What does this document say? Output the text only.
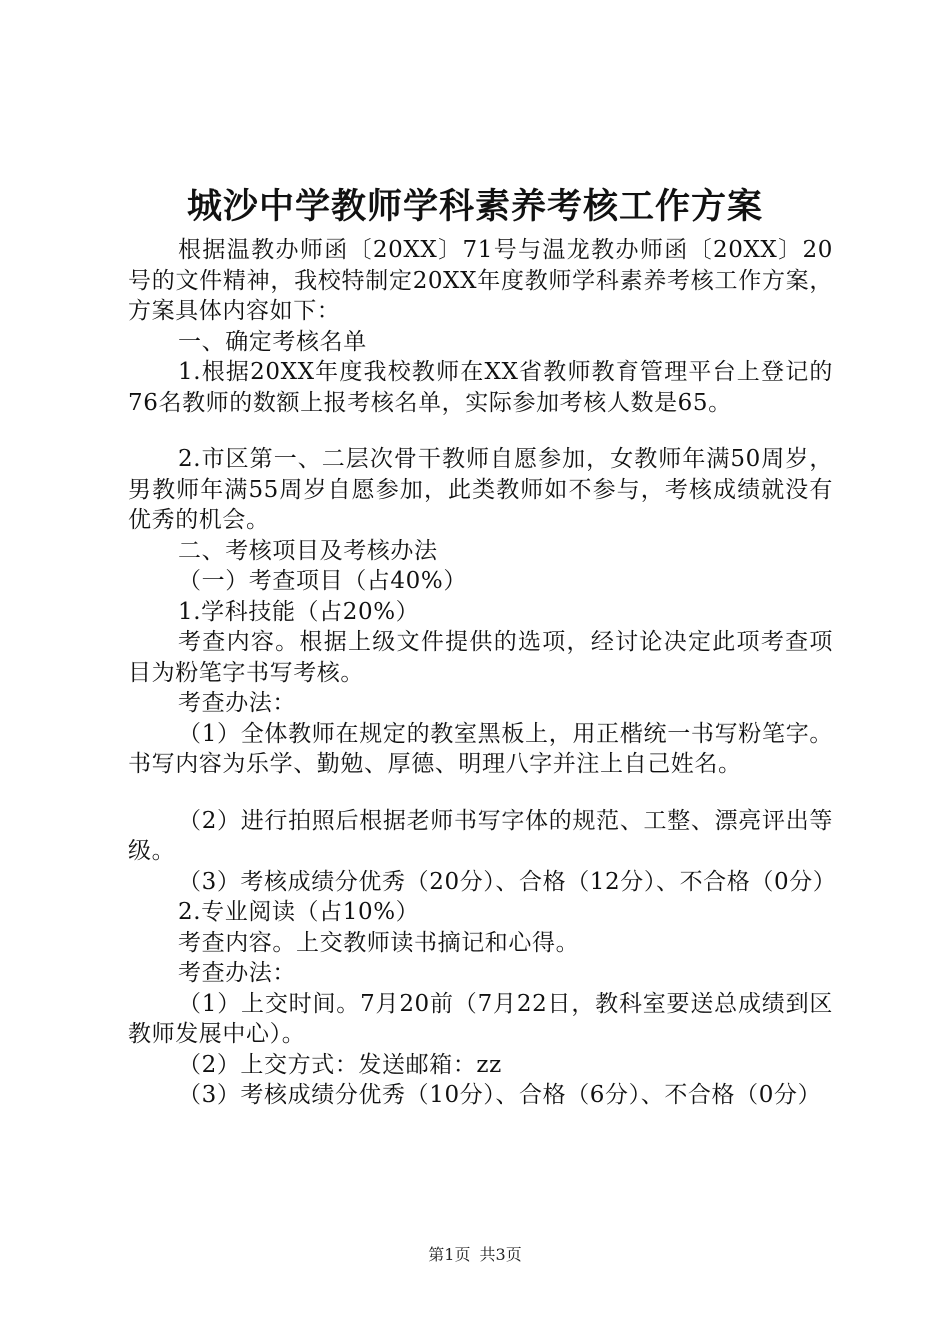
城沙中学教师学科素养考核工作方案

根据温教办师函〔20XX〕71号与温龙教办师函〔20XX〕20号的文件精神，我校特制定20XX年度教师学科素养考核工作方案，方案具体内容如下：

一、确定考核名单

1.根据20XX年度我校教师在XX省教师教育管理平台上登记的76名教师的数额上报考核名单，实际参加考核人数是65。

2.市区第一、二层次骨干教师自愿参加，女教师年满50周岁，男教师年满55周岁自愿参加，此类教师如不参与，考核成绩就没有优秀的机会。

二、考核项目及考核办法

（一）考查项目（占40%）

1.学科技能（占20%）

考查内容。根据上级文件提供的选项，经讨论决定此项考查项目为粉笔字书写考核。

考查办法：

（1）全体教师在规定的教室黑板上，用正楷统一书写粉笔字。书写内容为乐学、勤勉、厚德、明理八字并注上自己姓名。

（2）进行拍照后根据老师书写字体的规范、工整、漂亮评出等级。

（3）考核成绩分优秀（20分）、合格（12分）、不合格（0分）

2.专业阅读（占10%）

考查内容。上交教师读书摘记和心得。

考查办法：

（1）上交时间。7月20前（7月22日，教科室要送总成绩到区教师发展中心）。

（2）上交方式：发送邮箱：zz

（3）考核成绩分优秀（10分）、合格（6分）、不合格（0分）

第1页 共3页
